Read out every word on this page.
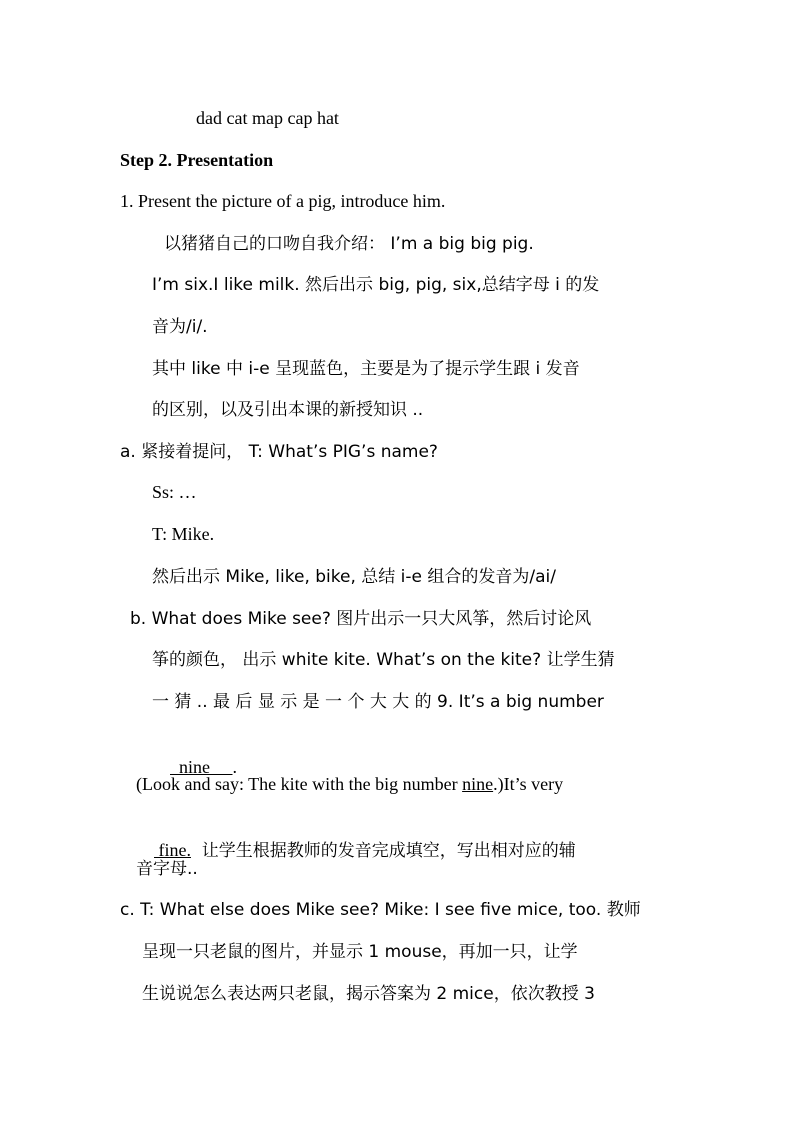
dad cat map cap hat
Step 2. Presentation
1. Present the picture of a pig, introduce him.
以猪猪自己的口吻自我介绍： I’m a big big pig.
I’m six.I like milk. 然后出示 big, pig, six,总结字母 i 的发
音为/i/.
其中 like 中 i-e 呈现蓝色，主要是为了提示学生跟 i 发音
的区别，以及引出本课的新授知识 ..
a. 紧接着提问， T: What’s PIG’s name?
Ss: …
T: Mike.
然后出示 Mike, like, bike, 总结 i-e 组合的发音为/ai/
b. What does Mike see? 图片出示一只大风筝，然后讨论风
筝的颜色， 出示 white kite. What’s on the kite? 让学生猜
一 猜 .. 最 后 显 示 是 一 个 大 大 的 9. It’s a big number

nine     .

(Look and say: The kite with the big number nine.)It’s very

fine.  让学生根据教师的发音完成填空，写出相对应的辅

音字母..
c. T: What else does Mike see? Mike: I see five mice, too. 教师
呈现一只老鼠的图片，并显示 1 mouse，再加一只，让学
生说说怎么表达两只老鼠，揭示答案为 2 mice，依次教授 3
